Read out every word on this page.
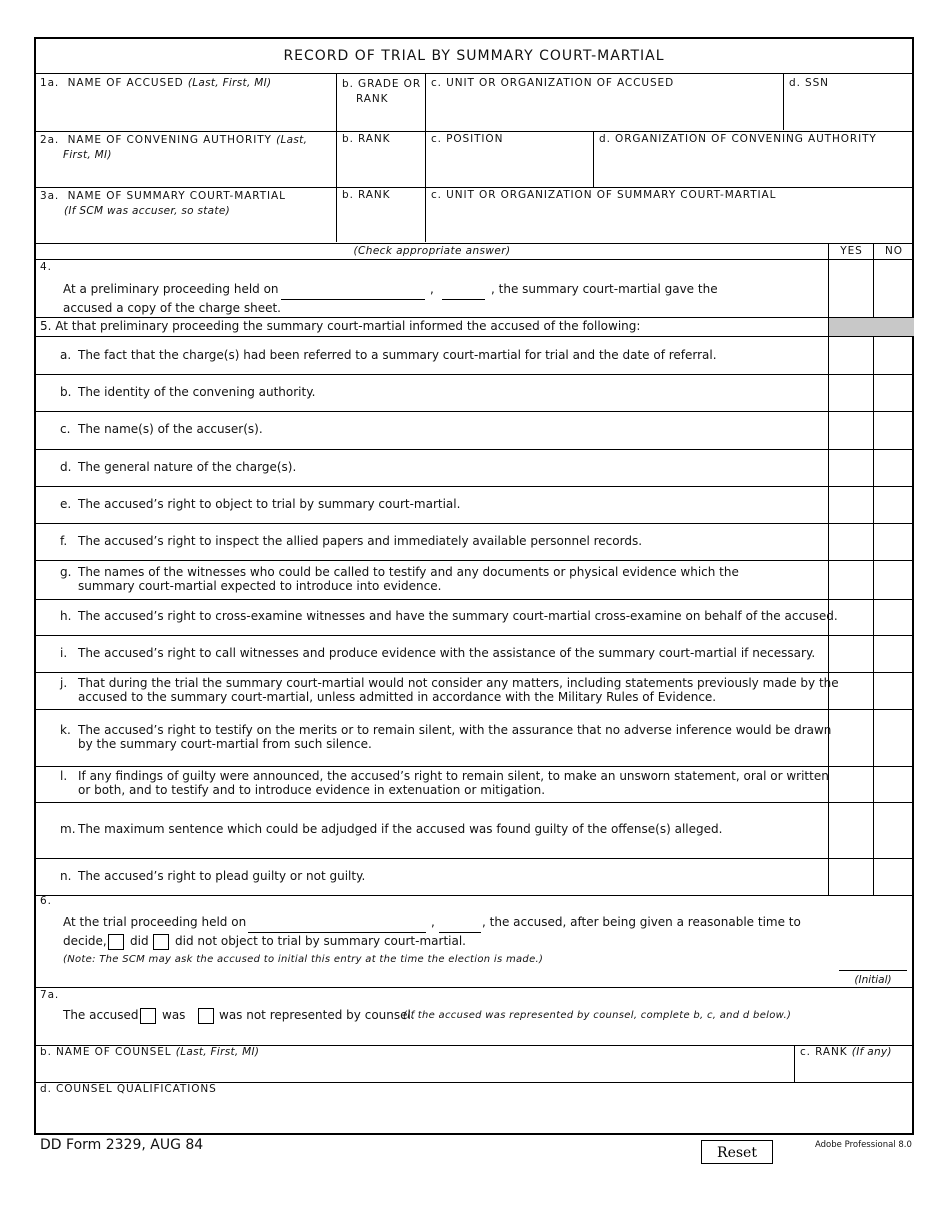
RECORD OF TRIAL BY SUMMARY COURT-MARTIAL
1a. NAME OF ACCUSED (Last, First, MI)	b. GRADE OR
RANK
c. UNIT OR ORGANIZATION OF ACCUSED	d. SSN
2a. NAME OF CONVENING AUTHORITY (Last,
First, MI)
b. RANK	c. POSITION	d. ORGANIZATION OF CONVENING AUTHORITY
3a. NAME OF SUMMARY COURT-MARTIAL
(If SCM was accuser, so state)
b. RANK	c. UNIT OR ORGANIZATION OF SUMMARY COURT-MARTIAL
(Check appropriate answer)	YES	NO
4.
At a preliminary proceeding held on	,	, the summary court-martial gave the
accused a copy of the charge sheet.
5. At that preliminary proceeding the summary court-martial informed the accused of the following:
6.
At the trial proceeding held on	,	, the accused, after being given a reasonable time to
decide, did did not object to trial by summary court-martial.
(Note: The SCM may ask the accused to initial this entry at the time the election is made.)
(Initial)
7a.
The accused was	was not represented by counsel.
(If the accused was represented by counsel, complete b, c, and d below.)
b. NAME OF COUNSEL (Last, First, MI)	c. RANK (If any)
d. COUNSEL QUALIFICATIONS
a. The fact that the charge(s) had been referred to a summary court-martial for trial and the date of referral.
b. The identity of the convening authority.
c. The name(s) of the accuser(s).
d. The general nature of the charge(s).
e. The accused’s right to object to trial by summary court-martial.
f. The accused’s right to inspect the allied papers and immediately available personnel records.
g. The names of the witnesses who could be called to testify and any documents or physical evidence which the
summary court-martial expected to introduce into evidence.
h. The accused’s right to cross-examine witnesses and have the summary court-martial cross-examine on behalf of the accused.
i. The accused’s right to call witnesses and produce evidence with the assistance of the summary court-martial if necessary.
j. That during the trial the summary court-martial would not consider any matters, including statements previously made by the
accused to the summary court-martial, unless admitted in accordance with the Military Rules of Evidence.
k. The accused’s right to testify on the merits or to remain silent, with the assurance that no adverse inference would be drawn
by the summary court-martial from such silence.
l. If any findings of guilty were announced, the accused’s right to remain silent, to make an unsworn statement, oral or written
or both, and to testify and to introduce evidence in extenuation or mitigation.
m. The maximum sentence which could be adjudged if the accused was found guilty of the offense(s) alleged.
n. The accused’s right to plead guilty or not guilty.
DD Form 2329, AUG 84	Reset	Adobe Professional 8.0
